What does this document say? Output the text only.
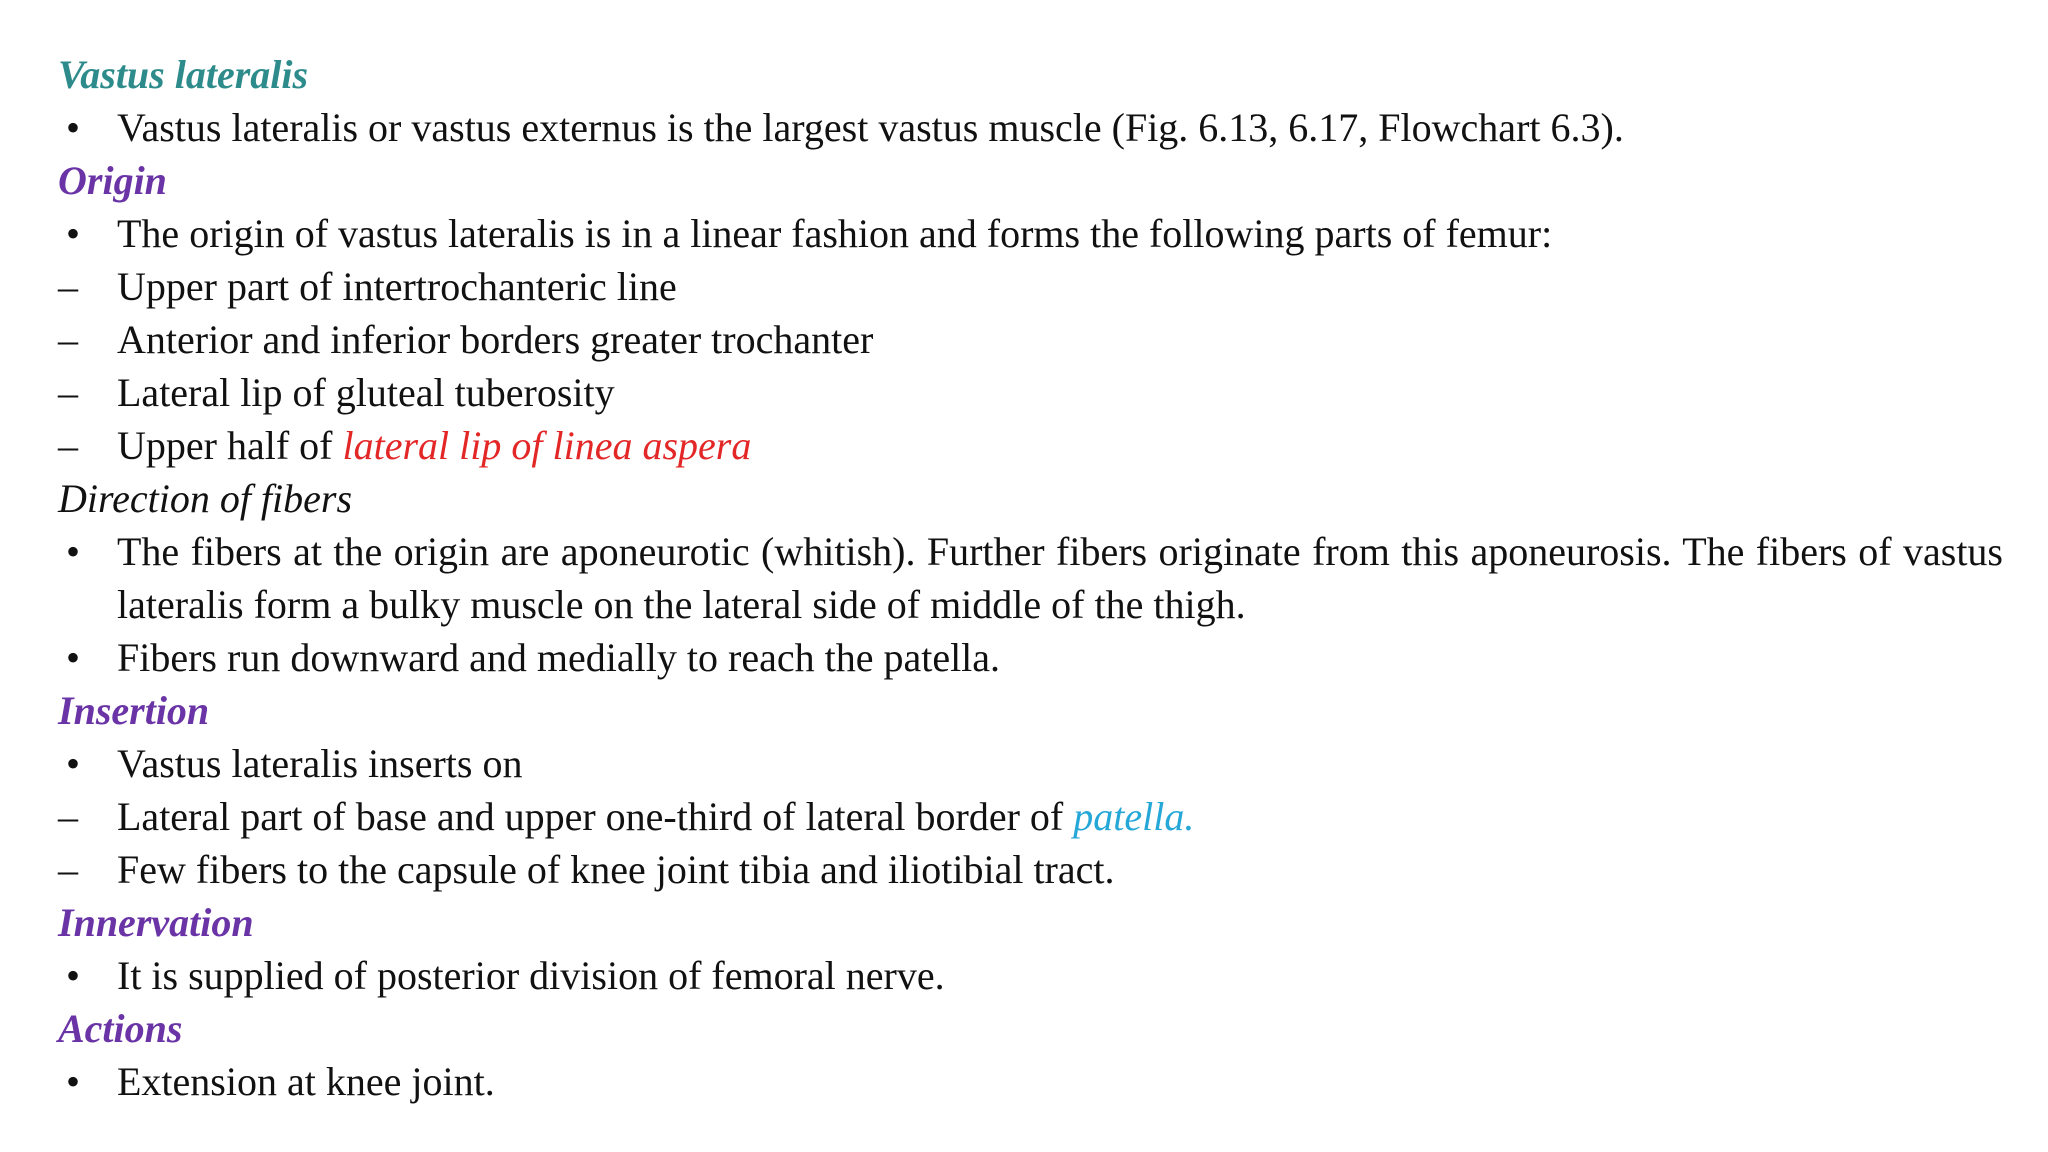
Vastus lateralis
• Vastus lateralis or vastus externus is the largest vastus muscle (Fig. 6.13, 6.17, Flowchart 6.3).
Origin
• The origin of vastus lateralis is in a linear fashion and forms the following parts of femur:
– Upper part of intertrochanteric line
– Anterior and inferior borders greater trochanter
– Lateral lip of gluteal tuberosity
– Upper half of lateral lip of linea aspera
Direction of fibers
• The fibers at the origin are aponeurotic (whitish). Further fibers originate from this aponeurosis. The fibers of vastus lateralis form a bulky muscle on the lateral side of middle of the thigh.
• Fibers run downward and medially to reach the patella.
Insertion
• Vastus lateralis inserts on
– Lateral part of base and upper one-third of lateral border of patella.
– Few fibers to the capsule of knee joint tibia and iliotibial tract.
Innervation
• It is supplied of posterior division of femoral nerve.
Actions
• Extension at knee joint.
